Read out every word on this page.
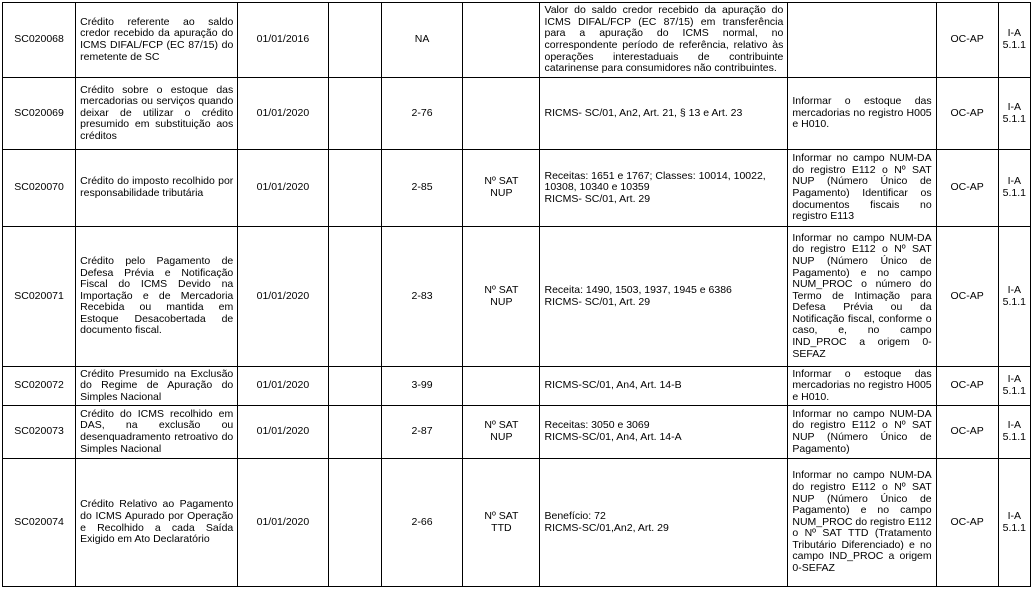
SC020068	Crédito referente ao saldo credor recebido da apuração do ICMS DIFAL/FCP (EC 87/15) do remetente de SC	01/01/2016		NA		Valor do saldo credor recebido da apuração do ICMS DIFAL/FCP (EC 87/15) em transferência para a apuração do ICMS normal, no correspondente período de referência, relativo às operações interestaduais de contribuinte catarinense para consumidores não contribuintes.		OC-AP	I-A
5.1.1

SC020069	Crédito sobre o estoque das mercadorias ou serviços quando deixar de utilizar o crédito presumido em substituição aos créditos	01/01/2020		2-76		RICMS- SC/01, An2, Art. 21, § 13 e Art. 23	Informar o estoque das mercadorias no registro H005 e H010.	OC-AP	I-A
5.1.1

SC020070	Crédito do imposto recolhido por responsabilidade tributária	01/01/2020		2-85	Nº SAT
NUP	Receitas: 1651 e 1767; Classes: 10014, 10022, 10308, 10340 e 10359
RICMS- SC/01, Art. 29	Informar no campo NUM-DA do registro E112 o Nº SAT NUP (Número Único de Pagamento) Identificar os documentos fiscais no registro E113	OC-AP	I-A
5.1.1

SC020071	Crédito pelo Pagamento de Defesa Prévia e Notificação Fiscal do ICMS Devido na Importação e de Mercadoria Recebida ou mantida em Estoque Desacobertada de documento fiscal.	01/01/2020		2-83	Nº SAT
NUP	Receita: 1490, 1503, 1937, 1945 e 6386
RICMS- SC/01, Art. 29	Informar no campo NUM-DA do registro E112 o Nº SAT NUP (Número Único de Pagamento) e no campo NUM_PROC o número do Termo de Intimação para Defesa Prévia ou da Notificação fiscal, conforme o caso, e, no campo IND_PROC a origem 0-SEFAZ	OC-AP	I-A
5.1.1

SC020072	Crédito Presumido na Exclusão do Regime de Apuração do Simples Nacional	01/01/2020		3-99		RICMS-SC/01, An4, Art. 14-B	Informar o estoque das mercadorias no registro H005 e H010.	OC-AP	I-A
5.1.1

SC020073	Crédito do ICMS recolhido em DAS, na exclusão ou desenquadramento retroativo do Simples Nacional	01/01/2020		2-87	Nº SAT
NUP	Receitas: 3050 e 3069
RICMS-SC/01, An4, Art. 14-A	Informar no campo NUM-DA do registro E112 o Nº SAT NUP (Número Único de Pagamento)	OC-AP	I-A
5.1.1

SC020074	Crédito Relativo ao Pagamento do ICMS Apurado por Operação e Recolhido a cada Saída Exigido em Ato Declaratório	01/01/2020		2-66	Nº SAT
TTD	Benefício: 72
RICMS-SC/01,An2, Art. 29	Informar no campo NUM-DA do registro E112 o Nº SAT NUP (Número Único de Pagamento) e no campo NUM_PROC do registro E112 o Nº SAT TTD (Tratamento Tributário Diferenciado) e no campo IND_PROC a origem 0-SEFAZ	OC-AP	I-A
5.1.1
